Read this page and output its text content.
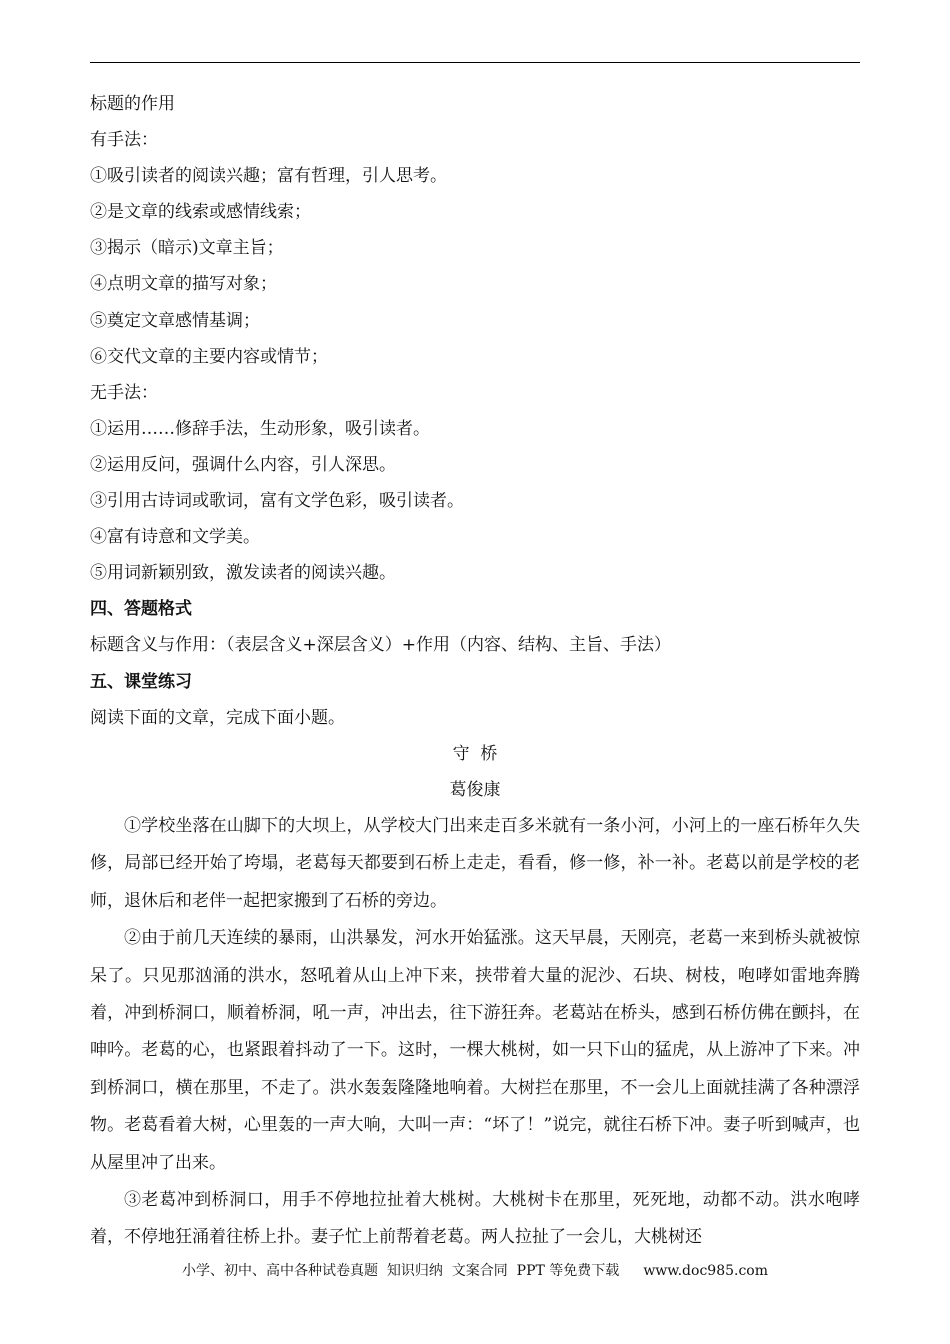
标题的作用
有手法：
①吸引读者的阅读兴趣；富有哲理，引人思考。
②是文章的线索或感情线索；
③揭示（暗示)文章主旨；
④点明文章的描写对象；
⑤奠定文章感情基调；
⑥交代文章的主要内容或情节；
无手法：
①运用……修辞手法，生动形象，吸引读者。
②运用反问，强调什么内容，引人深思。
③引用古诗词或歌词，富有文学色彩，吸引读者。
④富有诗意和文学美。
⑤用词新颖别致，激发读者的阅读兴趣。
四、答题格式
标题含义与作用：（表层含义+深层含义）+作用（内容、结构、主旨、手法）
五、课堂练习
阅读下面的文章，完成下面小题。
守  桥
葛俊康

①学校坐落在山脚下的大坝上，从学校大门出来走百多米就有一条小河，小河上的一座石桥年久失修，局部已经开始了垮塌，老葛每天都要到石桥上走走，看看，修一修，补一补。老葛以前是学校的老师，退休后和老伴一起把家搬到了石桥的旁边。

②由于前几天连续的暴雨，山洪暴发，河水开始猛涨。这天早晨，天刚亮，老葛一来到桥头就被惊呆了。只见那汹涌的洪水，怒吼着从山上冲下来，挟带着大量的泥沙、石块、树枝，咆哮如雷地奔腾着，冲到桥洞口，顺着桥洞，吼一声，冲出去，往下游狂奔。老葛站在桥头，感到石桥仿佛在颤抖，在呻吟。老葛的心，也紧跟着抖动了一下。这时，一棵大桃树，如一只下山的猛虎，从上游冲了下来。冲到桥洞口，横在那里，不走了。洪水轰轰隆隆地响着。大树拦在那里，不一会儿上面就挂满了各种漂浮物。老葛看着大树，心里轰的一声大响，大叫一声：“坏了！”说完，就往石桥下冲。妻子听到喊声，也从屋里冲了出来。

③老葛冲到桥洞口，用手不停地拉扯着大桃树。大桃树卡在那里，死死地，动都不动。洪水咆哮着，不停地狂涌着往桥上扑。妻子忙上前帮着老葛。两人拉扯了一会儿，大桃树还

小学、初中、高中各种试卷真题  知识归纳  文案合同  PPT 等免费下载 www.doc985.com
